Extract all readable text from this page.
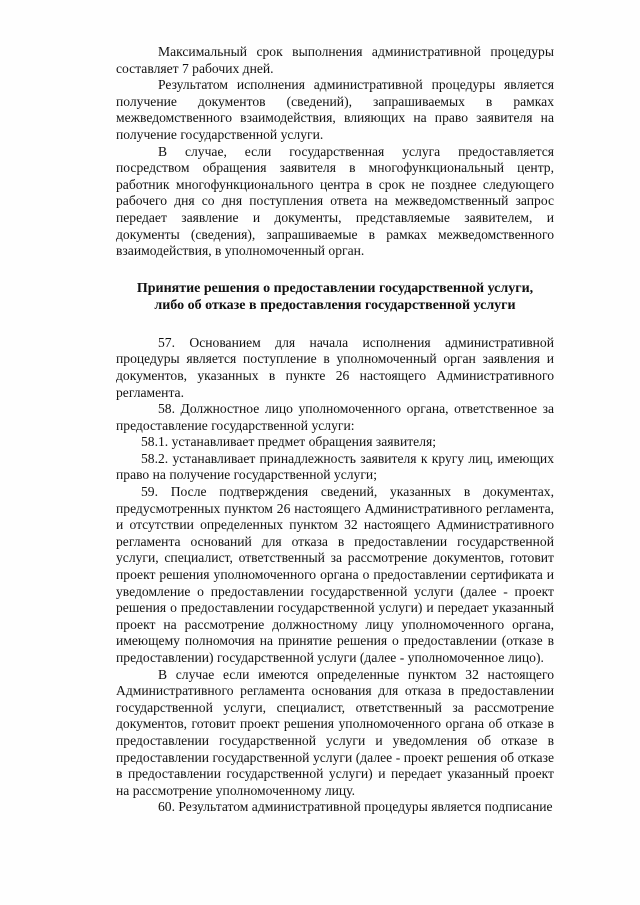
Максимальный срок выполнения административной процедуры составляет 7 рабочих дней.

Результатом исполнения административной процедуры является получение документов (сведений), запрашиваемых в рамках межведомственного взаимодействия, влияющих на право заявителя на получение государственной услуги.

В случае, если государственная услуга предоставляется посредством обращения заявителя в многофункциональный центр, работник многофункционального центра в срок не позднее следующего рабочего дня со дня поступления ответа на межведомственный запрос передает заявление и документы, представляемые заявителем, и документы (сведения), запрашиваемые в рамках межведомственного взаимодействия, в уполномоченный орган.

Принятие решения о предоставлении государственной услуги,
либо об отказе в предоставления государственной услуги

57. Основанием для начала исполнения административной процедуры является поступление в уполномоченный орган заявления и документов, указанных в пункте 26 настоящего Административного регламента.

58. Должностное лицо уполномоченного органа, ответственное за предоставление государственной услуги:

58.1. устанавливает предмет обращения заявителя;

58.2. устанавливает принадлежность заявителя к кругу лиц, имеющих право на получение государственной услуги;

59. После подтверждения сведений, указанных в документах, предусмотренных пунктом 26 настоящего Административного регламента, и отсутствии определенных пунктом 32 настоящего Административного регламента оснований для отказа в предоставлении государственной услуги, специалист, ответственный за рассмотрение документов, готовит проект решения уполномоченного органа о предоставлении сертификата и уведомление о предоставлении государственной услуги (далее - проект решения о предоставлении государственной услуги) и передает указанный проект на рассмотрение должностному лицу уполномоченного органа, имеющему полномочия на принятие решения о предоставлении (отказе в предоставлении) государственной услуги (далее - уполномоченное лицо).

В случае если имеются определенные пунктом 32 настоящего Административного регламента основания для отказа в предоставлении государственной услуги, специалист, ответственный за рассмотрение документов, готовит проект решения уполномоченного органа об отказе в предоставлении государственной услуги и уведомления об отказе в предоставлении государственной услуги (далее - проект решения об отказе в предоставлении государственной услуги) и передает указанный проект на рассмотрение уполномоченному лицу.

60. Результатом административной процедуры является подписание
